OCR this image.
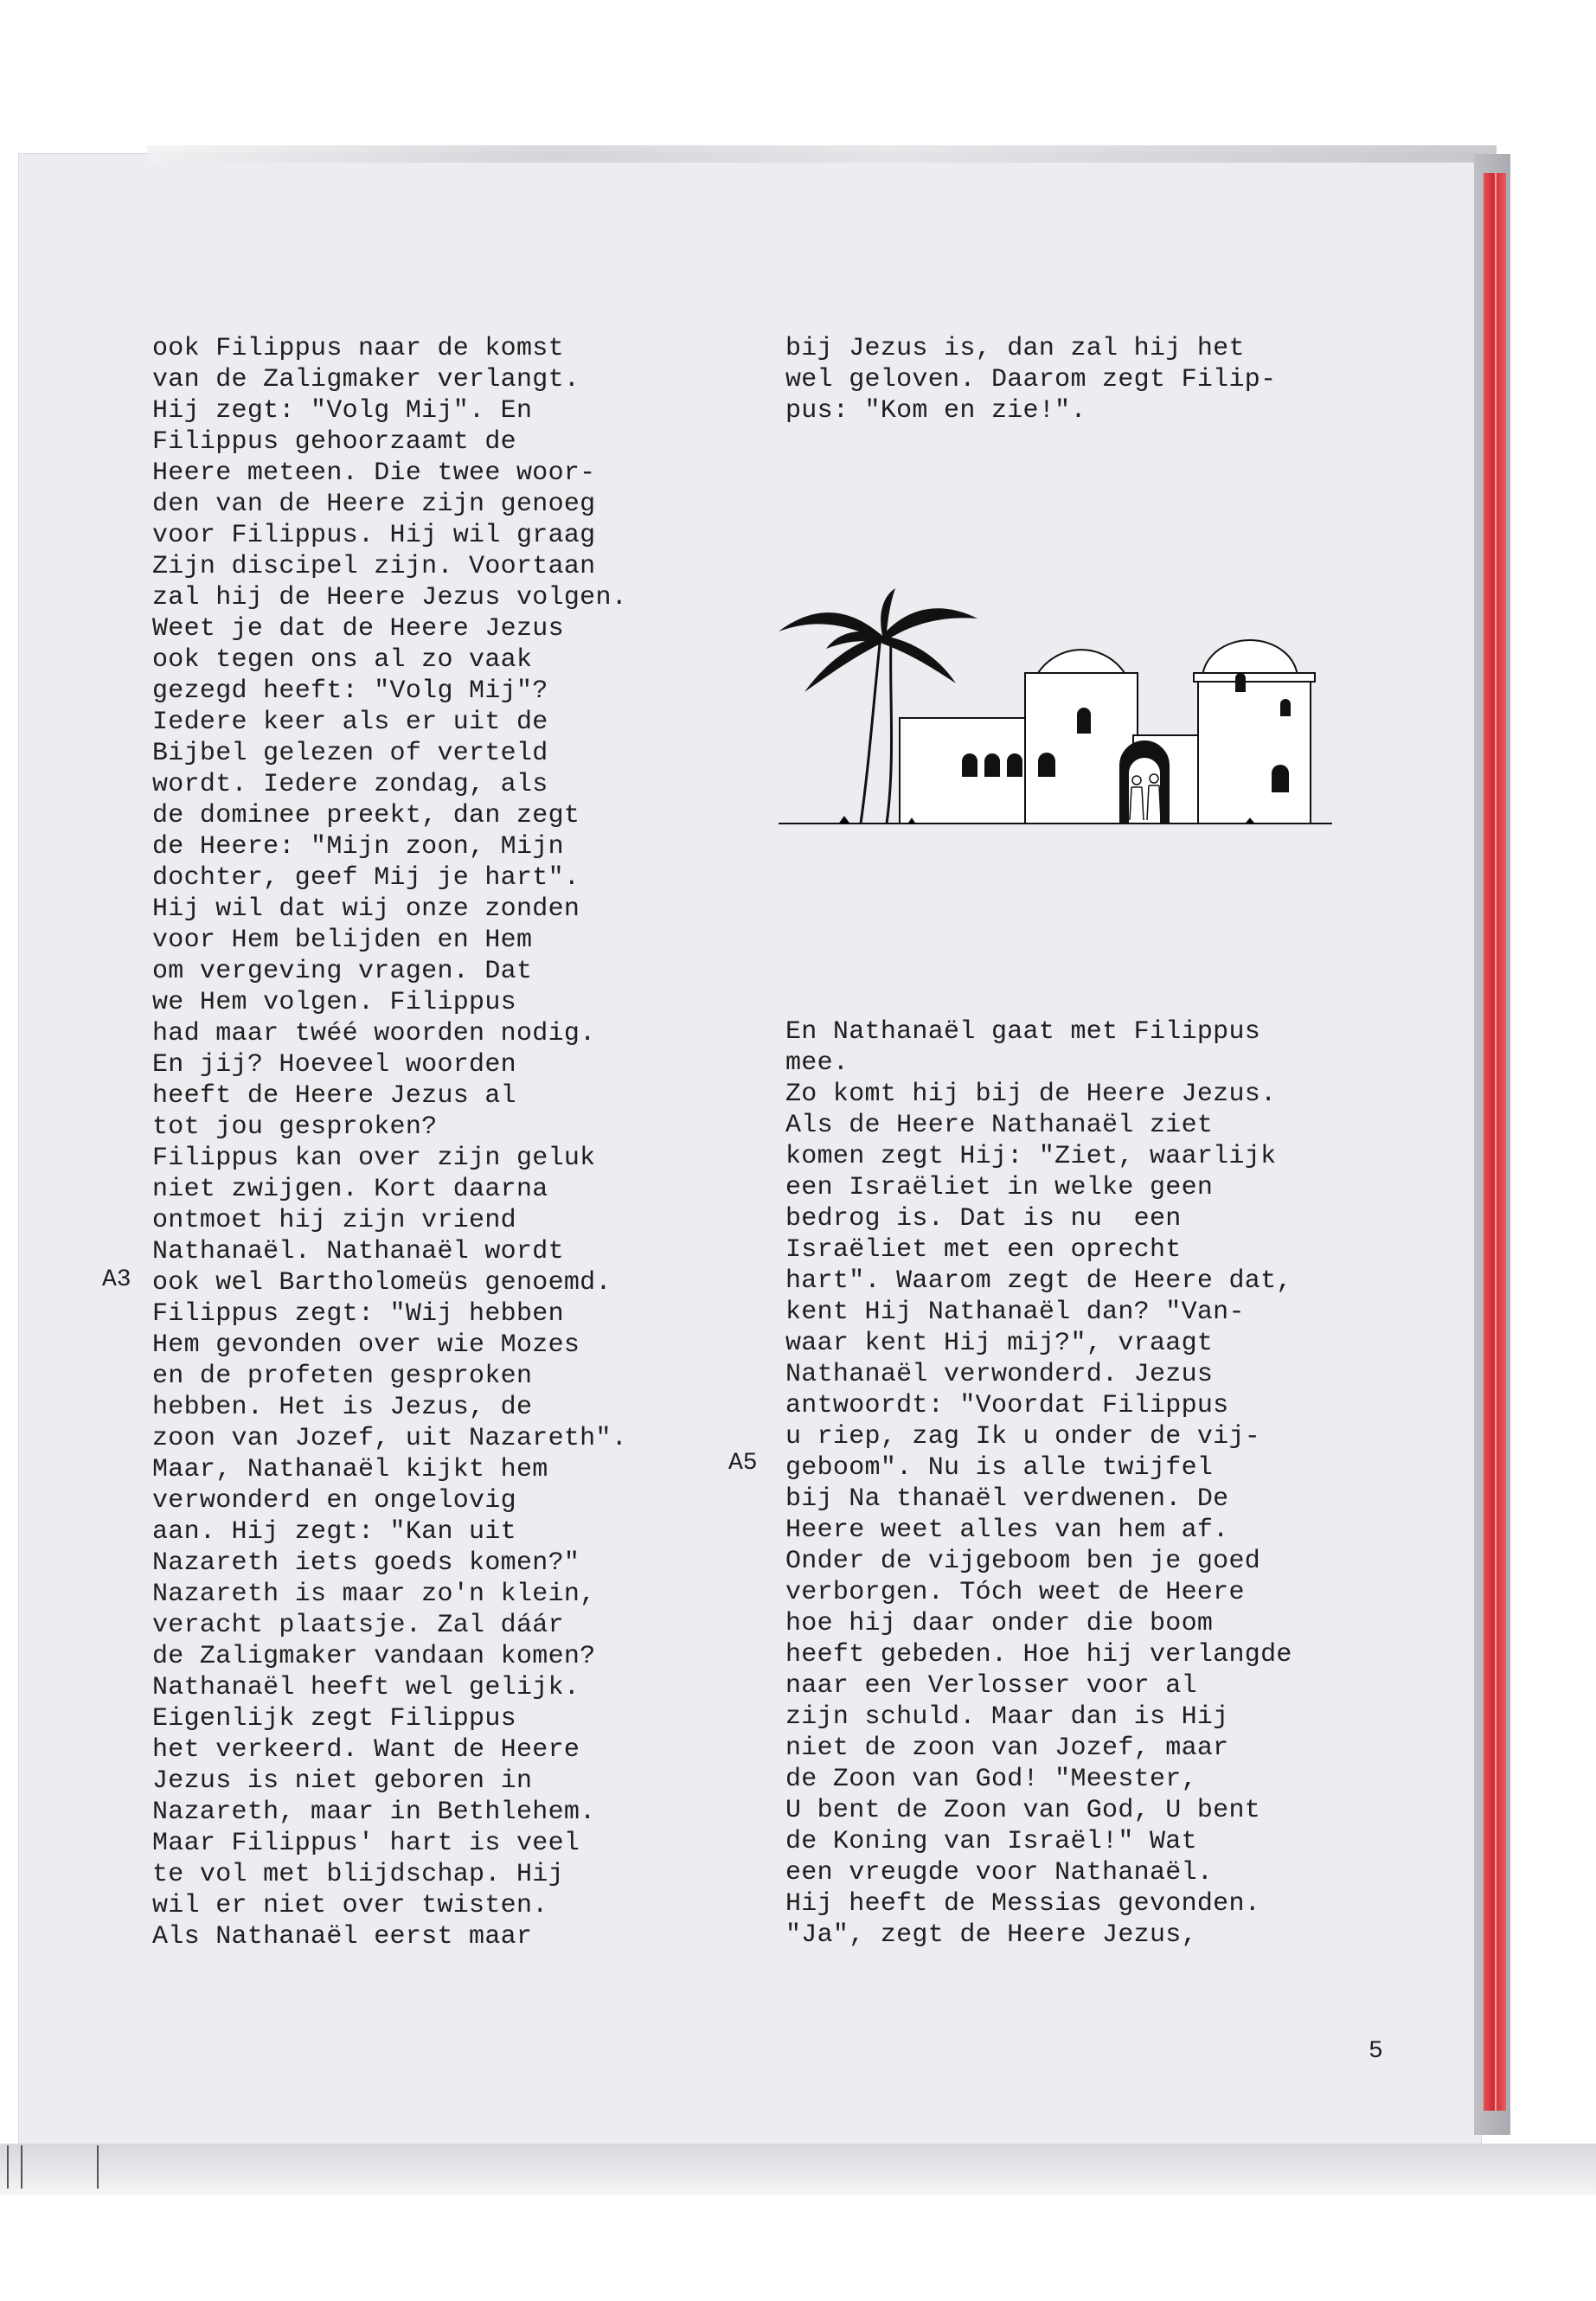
ook Filippus naar de komst
van de Zaligmaker verlangt.
Hij zegt: "Volg Mij". En
Filippus gehoorzaamt de
Heere meteen. Die twee woor-
den van de Heere zijn genoeg
voor Filippus. Hij wil graag
Zijn discipel zijn. Voortaan
zal hij de Heere Jezus volgen.
Weet je dat de Heere Jezus
ook tegen ons al zo vaak
gezegd heeft: "Volg Mij"?
Iedere keer als er uit de
Bijbel gelezen of verteld
wordt. Iedere zondag, als
de dominee preekt, dan zegt
de Heere: "Mijn zoon, Mijn
dochter, geef Mij je hart".
Hij wil dat wij onze zonden
voor Hem belijden en Hem
om vergeving vragen. Dat
we Hem volgen. Filippus
had maar twéé woorden nodig.
En jij? Hoeveel woorden
heeft de Heere Jezus al
tot jou gesproken?
Filippus kan over zijn geluk
niet zwijgen. Kort daarna
ontmoet hij zijn vriend
Nathanaël. Nathanaël wordt
ook wel Bartholomeüs genoemd.
Filippus zegt: "Wij hebben
Hem gevonden over wie Mozes
en de profeten gesproken
hebben. Het is Jezus, de
zoon van Jozef, uit Nazareth".
Maar, Nathanaël kijkt hem
verwonderd en ongelovig
aan. Hij zegt: "Kan uit
Nazareth iets goeds komen?"
Nazareth is maar zo'n klein,
veracht plaatsje. Zal dáár
de Zaligmaker vandaan komen?
Nathanaël heeft wel gelijk.
Eigenlijk zegt Filippus
het verkeerd. Want de Heere
Jezus is niet geboren in
Nazareth, maar in Bethlehem.
Maar Filippus' hart is veel
te vol met blijdschap. Hij
wil er niet over twisten.
Als Nathanaël eerst maar
bij Jezus is, dan zal hij het
wel geloven. Daarom zegt Filip-
pus: "Kom en zie!".
En Nathanaël gaat met Filippus
mee.
Zo komt hij bij de Heere Jezus.
Als de Heere Nathanaël ziet
komen zegt Hij: "Ziet, waarlijk
een Israëliet in welke geen
bedrog is. Dat is nu  een
Israëliet met een oprecht
hart". Waarom zegt de Heere dat,
kent Hij Nathanaël dan? "Van-
waar kent Hij mij?", vraagt
Nathanaël verwonderd. Jezus
antwoordt: "Voordat Filippus
u riep, zag Ik u onder de vij-
geboom". Nu is alle twijfel
bij Na thanaël verdwenen. De
Heere weet alles van hem af.
Onder de vijgeboom ben je goed
verborgen. Tóch weet de Heere
hoe hij daar onder die boom
heeft gebeden. Hoe hij verlangde
naar een Verlosser voor al
zijn schuld. Maar dan is Hij
niet de zoon van Jozef, maar
de Zoon van God! "Meester,
U bent de Zoon van God, U bent
de Koning van Israël!" Wat
een vreugde voor Nathanaël.
Hij heeft de Messias gevonden.
"Ja", zegt de Heere Jezus,
A3
A5
5
